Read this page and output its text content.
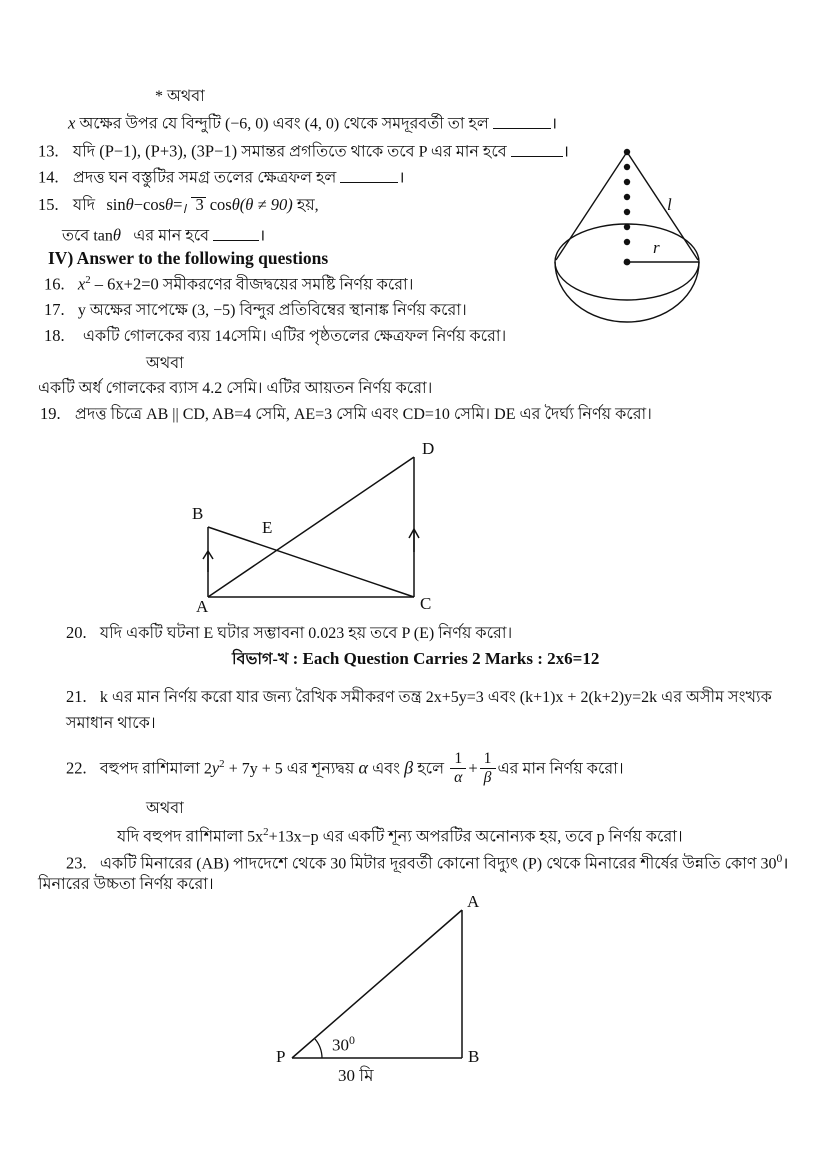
* অথবা
x অক্ষের উপর যে বিন্দুটি (−6, 0) এবং (4, 0) থেকে সমদূরবর্তী তা হল	।
13. যদি (P−1), (P+3), (3P−1) সমান্তর প্রগতিতে থাকে তবে P এর মান হবে	।
14. প্রদত্ত ঘন বস্তুটির সমগ্র তলের ক্ষেত্রফল হল	।
15. যদি sinθ−cosθ= 3 cosθ(θ ≠ 90) হয়,
তবে tanθ এর মান হবে	।
IV) Answer to the following questions
16. $x^2 - 6x+2=0$ সমীকরণের বীজদ্বয়ের সমষ্টি নির্ণয় করো।
17. y অক্ষের সাপেক্ষে (3, −5) বিন্দুর প্রতিবিম্বের স্থানাঙ্ক নির্ণয় করো।
18. একটি গোলকের ব্যয় 14সেমি। এটির পৃষ্ঠতলের ক্ষেত্রফল নির্ণয় করো।
অথবা
একটি অর্ধ গোলকের ব্যাস 4.2 সেমি। এটির আয়তন নির্ণয় করো।
19. প্রদত্ত চিত্রে AB || CD, AB=4 সেমি, AE=3 সেমি এবং CD=10 সেমি। DE এর দৈর্ঘ্য নির্ণয় করো।
20. যদি একটি ঘটনা E ঘটার সম্ভাবনা 0.023 হয় তবে P (E) নির্ণয় করো।
বিভাগ-খ : Each Question Carries 2 Marks : 2x6=12
21. k এর মান নির্ণয় করো যার জন্য রৈখিক সমীকরণ তন্ত্র 2x+5y=3 এবং (k+1)x + 2(k+2)y=2k এর অসীম সংখ্যক
সমাধান থাকে।
22. বহুপদ রাশিমালা $2y^2 + 7y + 5$ এর শূন্যদ্বয় α এবং β হলে $\frac{1}{\alpha} + \frac{1}{\beta}$ এর মান নির্ণয় করো।
অথবা
যদি বহুপদ রাশিমালা $5x^2+13x-p$ এর একটি শূন্য অপরটির অনোন্যক হয়, তবে p নির্ণয় করো।
23. একটি মিনারের (AB) পাদদেশে থেকে 30 মিটার দূরবর্তী কোনো বিদ্যুৎ (P) থেকে মিনারের শীর্ষের উন্নতি কোণ $30^0।$
মিনারের উচ্চতা নির্ণয় করো।
l
r
A
B
C
D
E
A
B
P
$30^0$
30 মি
